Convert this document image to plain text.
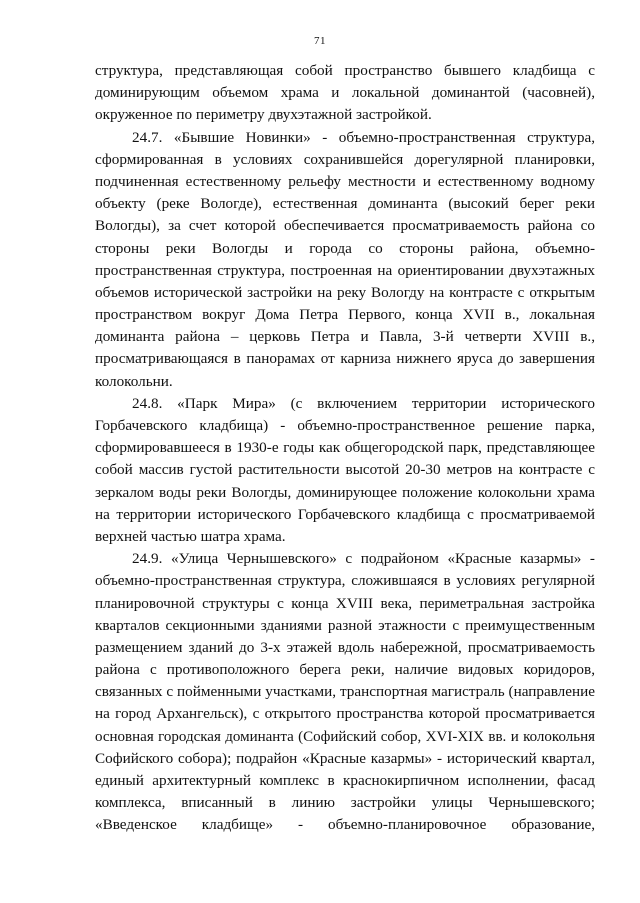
71
структура, представляющая собой пространство бывшего кладбища с
доминирующим объемом храма и локальной доминантой (часовней),
окруженное по периметру двухэтажной застройкой.
24.7. «Бывшие Новинки» - объемно-пространственная структура,
сформированная в условиях сохранившейся дорегулярной планировки,
подчиненная естественному рельефу местности и естественному водному
объекту (реке Вологде), естественная доминанта (высокий берег реки
Вологды), за счет которой обеспечивается просматриваемость района со
стороны реки Вологды и города со стороны района, объемно-
пространственная структура, построенная на ориентировании двухэтажных
объемов исторической застройки на реку Вологду на контрасте с открытым
пространством вокруг Дома Петра Первого, конца XVII в., локальная
доминанта района – церковь Петра и Павла, 3-й четверти XVIII в.,
просматривающаяся в панорамах от карниза нижнего яруса до завершения
колокольни.
24.8. «Парк Мира» (с включением территории исторического
Горбачевского кладбища) - объемно-пространственное решение парка,
сформировавшееся в 1930-е годы как общегородской парк, представляющее
собой массив густой растительности высотой 20-30 метров на контрасте с
зеркалом воды реки Вологды, доминирующее положение колокольни храма
на территории исторического Горбачевского кладбища с просматриваемой
верхней частью шатра храма.
24.9. «Улица Чернышевского» с подрайоном «Красные казармы» -
объемно-пространственная структура, сложившаяся в условиях регулярной
планировочной структуры с конца XVIII века, периметральная застройка
кварталов секционными зданиями разной этажности с преимущественным
размещением зданий до 3-х этажей вдоль набережной, просматриваемость
района с противоположного берега реки, наличие видовых коридоров,
связанных с пойменными участками, транспортная магистраль (направление
на город Архангельск), с открытого пространства которой просматривается
основная городская доминанта (Софийский собор, XVI-XIX вв. и колокольня
Софийского собора); подрайон «Красные казармы» - исторический квартал,
единый архитектурный комплекс в краснокирпичном исполнении, фасад
комплекса, вписанный в линию застройки улицы Чернышевского;
«Введенское кладбище» - объемно-планировочное образование,
